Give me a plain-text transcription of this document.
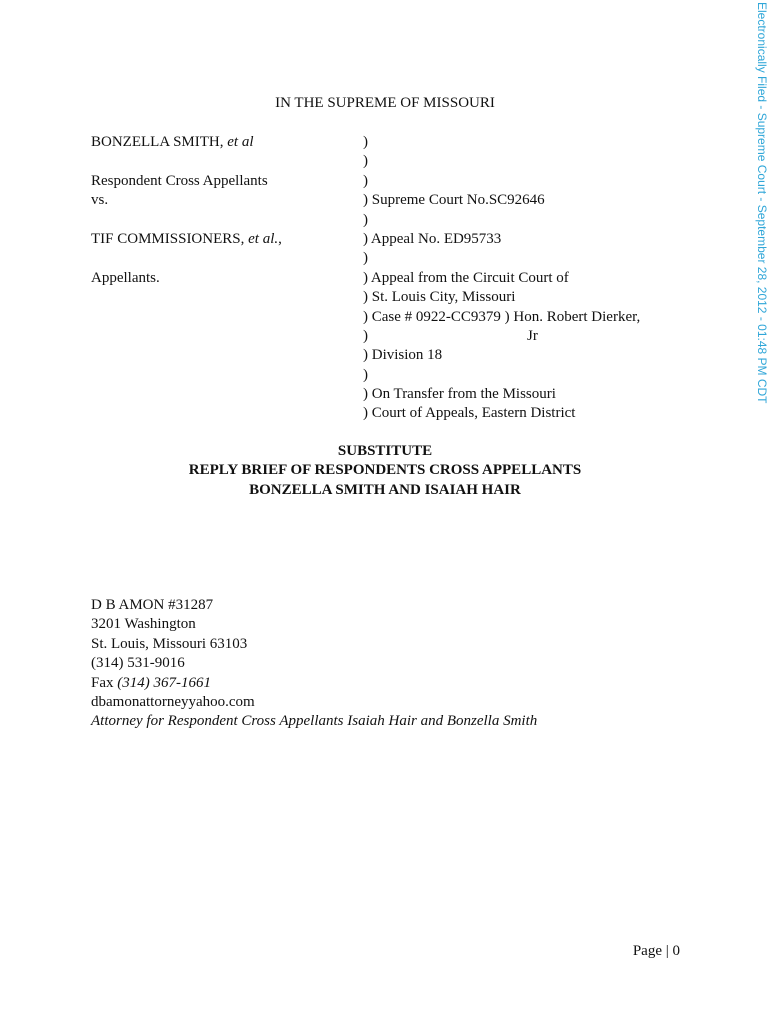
Electronically Filed - Supreme Court - September 28, 2012 - 01:48 PM CDT
IN THE SUPREME OF MISSOURI
BONZELLA SMITH, et al
Respondent Cross Appellants
vs.
TIF COMMISSIONERS, et al.,
Appellants.
)
)
)
) Supreme Court No.SC92646
)
) Appeal No. ED95733
)
) Appeal from the Circuit Court of
) St. Louis City, Missouri
) Case # 0922-CC9379 ) Hon. Robert Dierker,
)	Jr
) Division 18
)
) On Transfer from the Missouri
) Court of Appeals, Eastern District
SUBSTITUTE
REPLY BRIEF OF RESPONDENTS CROSS APPELLANTS
BONZELLA SMITH AND ISAIAH HAIR
D B AMON #31287
3201 Washington
St. Louis, Missouri 63103
(314) 531-9016
Fax (314) 367-1661
dbamonattorneyyahoo.com
Attorney for Respondent Cross Appellants Isaiah Hair and Bonzella Smith
Page | 0
